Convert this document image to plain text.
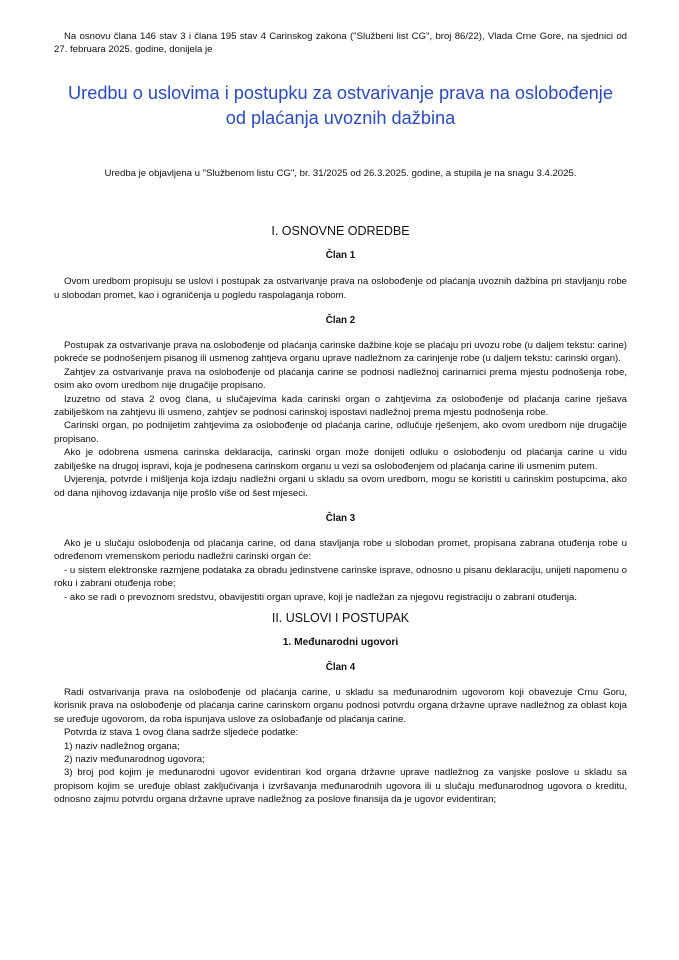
Na osnovu člana 146 stav 3 i člana 195 stav 4 Carinskog zakona ("Službeni list CG", broj 86/22), Vlada Crne Gore, na sjednici od 27. februara 2025. godine, donijela je

Uredbu o uslovima i postupku za ostvarivanje prava na oslobođenje
od plaćanja uvoznih dažbina

Uredba je objavljena u "Službenom listu CG", br. 31/2025 od 26.3.2025. godine, a stupila je na snagu 3.4.2025.

I. OSNOVNE ODREDBE
Član 1

Ovom uredbom propisuju se uslovi i postupak za ostvarivanje prava na oslobođenje od plaćanja uvoznih dažbina pri stavljanju robe u slobodan promet, kao i ograničenja u pogledu raspolaganja robom.

Član 2

Postupak za ostvarivanje prava na oslobođenje od plaćanja carinske dažbine koje se plaćaju pri uvozu robe (u daljem tekstu: carine) pokreće se podnošenjem pisanog ili usmenog zahtjeva organu uprave nadležnom za carinjenje robe (u daljem tekstu: carinski organ).

Zahtjev za ostvarivanje prava na oslobođenje od plaćanja carine se podnosi nadležnoj carinarnici prema mjestu podnošenja robe, osim ako ovom uredbom nije drugačije propisano.

Izuzetno od stava 2 ovog člana, u slučajevima kada carinski organ o zahtjevima za oslobođenje od plaćanja carine rješava zabilješkom na zahtjevu ili usmeno, zahtjev se podnosi carinskoj ispostavi nadležnoj prema mjestu podnošenja robe.

Carinski organ, po podnijetim zahtjevima za oslobođenje od plaćanja carine, odlučuje rješenjem, ako ovom uredbom nije drugačije propisano.

Ako je odobrena usmena carinska deklaracija, carinski organ može donijeti odluku o oslobođenju od plaćanja carine u vidu zabilješke na drugoj ispravi, koja je podnesena carinskom organu u vezi sa oslobođenjem od plaćanja carine ili usmenim putem.

Uvjerenja, potvrde i mišljenja koja izdaju nadležni organi u skladu sa ovom uredbom, mogu se koristiti u carinskim postupcima, ako od dana njihovog izdavanja nije prošlo više od šest mjeseci.

Član 3

Ako je u slučaju oslobođenja od plaćanja carine, od dana stavljanja robe u slobodan promet, propisana zabrana otuđenja robe u određenom vremenskom periodu nadležni carinski organ će:

- u sistem elektronske razmjene podataka za obradu jedinstvene carinske isprave, odnosno u pisanu deklaraciju, unijeti napomenu o roku i zabrani otuđenja robe;

- ako se radi o prevoznom sredstvu, obavijestiti organ uprave, koji je nadležan za njegovu registraciju o zabrani otuđenja.

II. USLOVI I POSTUPAK
1. Međunarodni ugovori
Član 4

Radi ostvarivanja prava na oslobođenje od plaćanja carine, u skladu sa međunarodnim ugovorom koji obavezuje Crnu Goru, korisnik prava na oslobođenje od plaćanja carine carinskom organu podnosi potvrdu organa državne uprave nadležnog za oblast koja se uređuje ugovorom, da roba ispunjava uslove za oslobađanje od plaćanja carine.

Potvrda iz stava 1 ovog člana sadrže sljedeće podatke:

1) naziv nadležnog organa;

2) naziv međunarodnog ugovora;

3) broj pod kojim je međunarodni ugovor evidentiran kod organa državne uprave nadležnog za vanjske poslove u skladu sa propisom kojim se uređuje oblast zaključivanja i izvršavanja međunarodnih ugovora ili u slučaju međunarodnog ugovora o kreditu, odnosno zajmu potvrdu organa državne uprave nadležnog za poslove finansija da je ugovor evidentiran;
